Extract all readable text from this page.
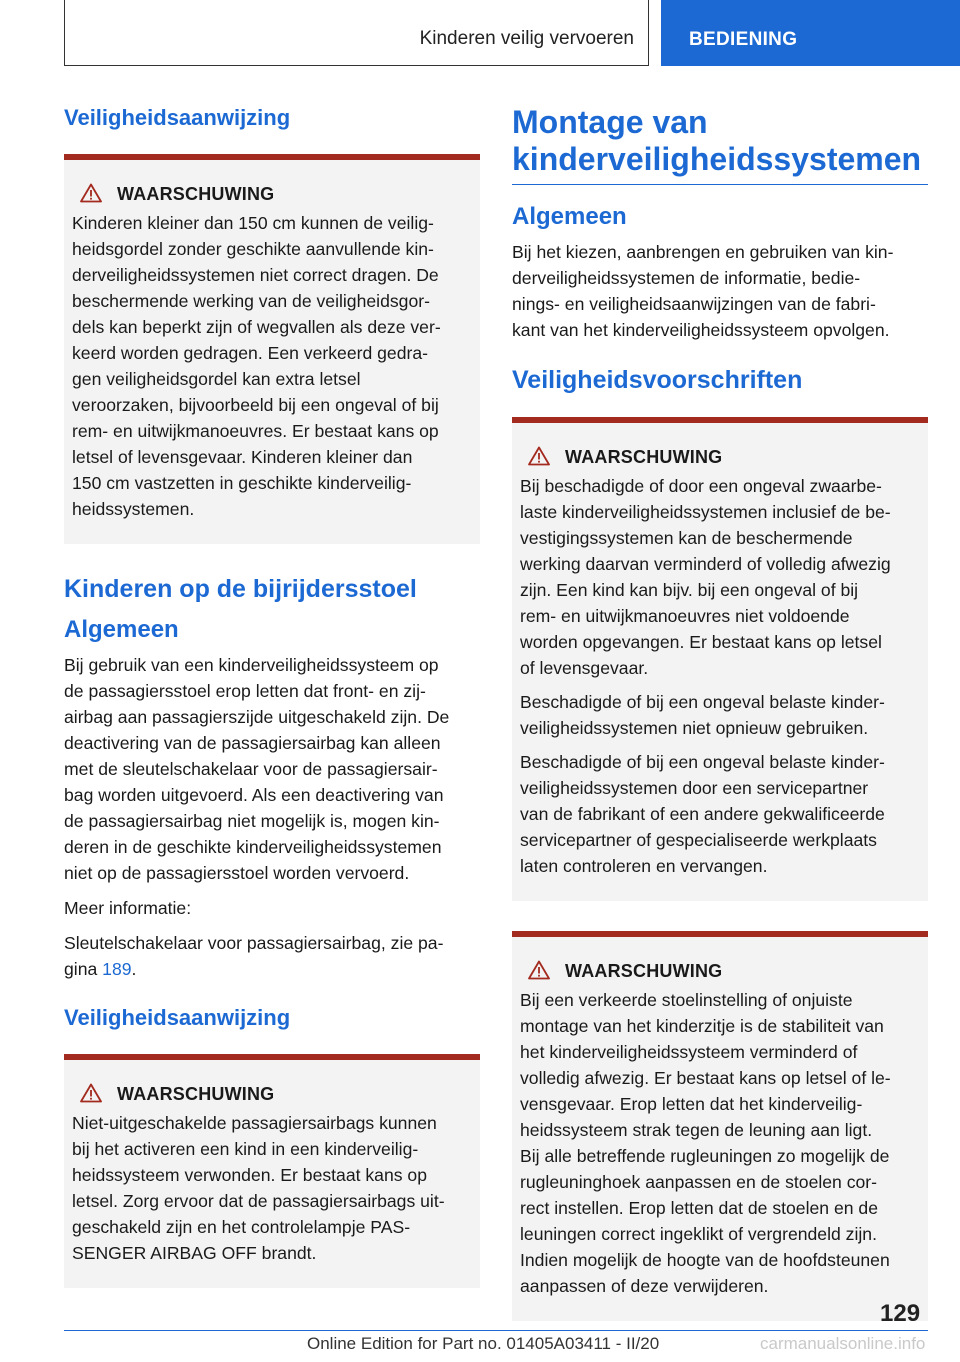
Kinderen veilig vervoeren	BEDIENING
Veiligheidsaanwijzing
WAARSCHUWING

Kinderen kleiner dan 150 cm kunnen de veilig-
heidsgordel zonder geschikte aanvullende kin-
derveiligheidssystemen niet correct dragen. De
beschermende werking van de veiligheidsgor-
dels kan beperkt zijn of wegvallen als deze ver-
keerd worden gedragen. Een verkeerd gedra-
gen veiligheidsgordel kan extra letsel
veroorzaken, bijvoorbeeld bij een ongeval of bij
rem- en uitwijkmanoeuvres. Er bestaat kans op
letsel of levensgevaar. Kinderen kleiner dan
150 cm vastzetten in geschikte kinderveilig-
heidssystemen.

Kinderen op de bijrijdersstoel
Algemeen

Bij gebruik van een kinderveiligheidssysteem op
de passagiersstoel erop letten dat front- en zij-
airbag aan passagierszijde uitgeschakeld zijn. De
deactivering van de passagiersairbag kan alleen
met de sleutelschakelaar voor de passagiersair-
bag worden uitgevoerd. Als een deactivering van
de passagiersairbag niet mogelijk is, mogen kin-
deren in de geschikte kinderveiligheidssystemen
niet op de passagiersstoel worden vervoerd.

Meer informatie:

Sleutelschakelaar voor passagiersairbag, zie pa-
gina 189.

Veiligheidsaanwijzing
WAARSCHUWING

Niet-uitgeschakelde passagiersairbags kunnen
bij het activeren een kind in een kinderveilig-
heidssysteem verwonden. Er bestaat kans op
letsel. Zorg ervoor dat de passagiersairbags uit-
geschakeld zijn en het controlelampje PAS-
SENGER AIRBAG OFF brandt.

Montage van
kinderveiligheidssystemen
Algemeen

Bij het kiezen, aanbrengen en gebruiken van kin-
derveiligheidssystemen de informatie, bedie-
nings- en veiligheidsaanwijzingen van de fabri-
kant van het kinderveiligheidssysteem opvolgen.

Veiligheidsvoorschriften
WAARSCHUWING

Bij beschadigde of door een ongeval zwaarbe-
laste kinderveiligheidssystemen inclusief de be-
vestigingssystemen kan de beschermende
werking daarvan verminderd of volledig afwezig
zijn. Een kind kan bijv. bij een ongeval of bij
rem- en uitwijkmanoeuvres niet voldoende
worden opgevangen. Er bestaat kans op letsel
of levensgevaar.

Beschadigde of bij een ongeval belaste kinder-
veiligheidssystemen niet opnieuw gebruiken.

Beschadigde of bij een ongeval belaste kinder-
veiligheidssystemen door een servicepartner
van de fabrikant of een andere gekwalificeerde
servicepartner of gespecialiseerde werkplaats
laten controleren en vervangen.

WAARSCHUWING

Bij een verkeerde stoelinstelling of onjuiste
montage van het kinderzitje is de stabiliteit van
het kinderveiligheidssysteem verminderd of
volledig afwezig. Er bestaat kans op letsel of le-
vensgevaar. Erop letten dat het kinderveilig-
heidssysteem strak tegen de leuning aan ligt.
Bij alle betreffende rugleuningen zo mogelijk de
rugleuninghoek aanpassen en de stoelen cor-
rect instellen. Erop letten dat de stoelen en de
leuningen correct ingeklikt of vergrendeld zijn.
Indien mogelijk de hoogte van de hoofdsteunen
aanpassen of deze verwijderen.

129
Online Edition for Part no. 01405A03411 - II/20	carmanualsonline.info
